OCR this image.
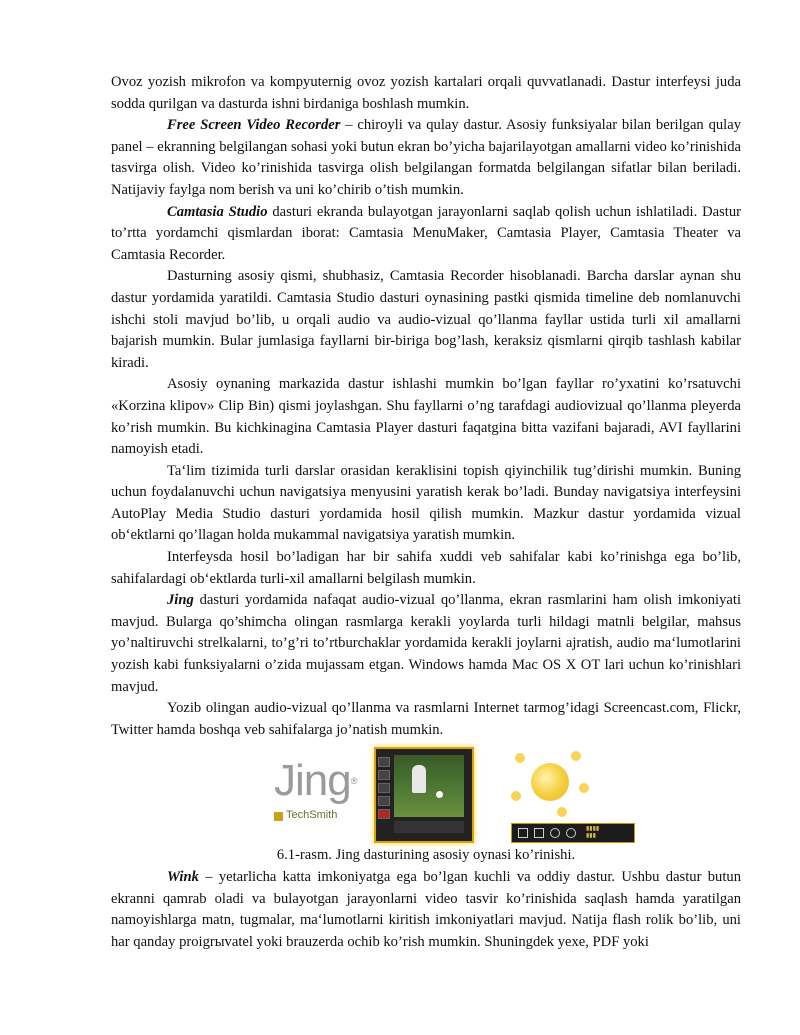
Ovoz yozish mikrofon va kompyuternig ovoz yozish kartalari orqali quvvatlanadi. Dastur interfeysi juda sodda qurilgan va dasturda ishni birdaniga boshlash mumkin.

Free Screen Video Recorder – chiroyli va qulay dastur. Asosiy funksiyalar bilan berilgan qulay panel – ekranning belgilangan sohasi yoki butun ekran bo’yicha bajarilayotgan amallarni video ko’rinishida tasvirga olish. Video ko’rinishida tasvirga olish belgilangan formatda belgilangan sifatlar bilan beriladi. Natijaviy faylga nom berish va uni ko’chirib o’tish mumkin.

Camtasia Studio dasturi ekranda bulayotgan jarayonlarni saqlab qolish uchun ishlatiladi. Dastur to’rtta yordamchi qismlardan iborat: Camtasia MenuMaker, Camtasia Player, Camtasia Theater va Camtasia Recorder.

Dasturning asosiy qismi, shubhasiz, Camtasia Recorder hisoblanadi. Barcha darslar aynan shu dastur yordamida yaratildi. Camtasia Studio dasturi oynasining pastki qismida timeline deb nomlanuvchi ishchi stoli mavjud bo’lib, u orqali audio va audio-vizual qo’llanma fayllar ustida turli xil amallarni bajarish mumkin. Bular jumlasiga fayllarni bir-biriga bog’lash, keraksiz qismlarni qirqib tashlash kabilar kiradi.

Asosiy oynaning markazida dastur ishlashi mumkin bo’lgan fayllar ro’yxatini ko’rsatuvchi «Korzina klipov» Clip Bin) qismi joylashgan. Shu fayllarni o’ng tarafdagi audiovizual qo’llanma pleyerda ko’rish mumkin. Bu kichkinagina Camtasia Player dasturi faqatgina bitta vazifani bajaradi, AVI fayllarini namoyish etadi.

Ta‘lim tizimida turli darslar orasidan keraklisini topish qiyinchilik tug’dirishi mumkin. Buning uchun foydalanuvchi uchun navigatsiya menyusini yaratish kerak bo’ladi. Bunday navigatsiya interfeysini AutoPlay Media Studio dasturi yordamida hosil qilish mumkin. Mazkur dastur yordamida vizual ob‘ektlarni qo’llagan holda mukammal navigatsiya yaratish mumkin.

Interfeysda hosil bo’ladigan har bir sahifa xuddi veb sahifalar kabi ko’rinishga ega bo’lib, sahifalardagi ob‘ektlarda turli-xil amallarni belgilash mumkin.

Jing dasturi yordamida nafaqat audio-vizual qo’llanma, ekran rasmlarini ham olish imkoniyati mavjud. Bularga qo’shimcha olingan rasmlarga kerakli yoylarda turli hildagi matnli belgilar, mahsus yo’naltiruvchi strelkalarni, to’g’ri to’rtburchaklar yordamida kerakli joylarni ajratish, audio ma‘lumotlarini yozish kabi funksiyalarni o’zida mujassam etgan. Windows hamda Mac OS X OT lari uchun ko’rinishlari mavjud.

Yozib olingan audio-vizual qo’llanma va rasmlarni Internet tarmog’idagi Screencast.com, Flickr, Twitter hamda boshqa veb sahifalarga jo’natish mumkin.

Jing®
TechSmith
▮▮▮▮
▮▮▮

6.1-rasm. Jing dasturining asosiy oynasi ko’rinishi.

Wink – yetarlicha katta imkoniyatga ega bo’lgan kuchli va oddiy dastur. Ushbu dastur butun ekranni qamrab oladi va bulayotgan jarayonlarni video tasvir ko’rinishida saqlash hamda yaratilgan namoyishlarga matn, tugmalar, ma‘lumotlarni kiritish imkoniyatlari mavjud. Natija flash rolik bo’lib, uni har qanday proigrыvatel yoki brauzerda ochib ko’rish mumkin. Shuningdek yexe, PDF yoki
